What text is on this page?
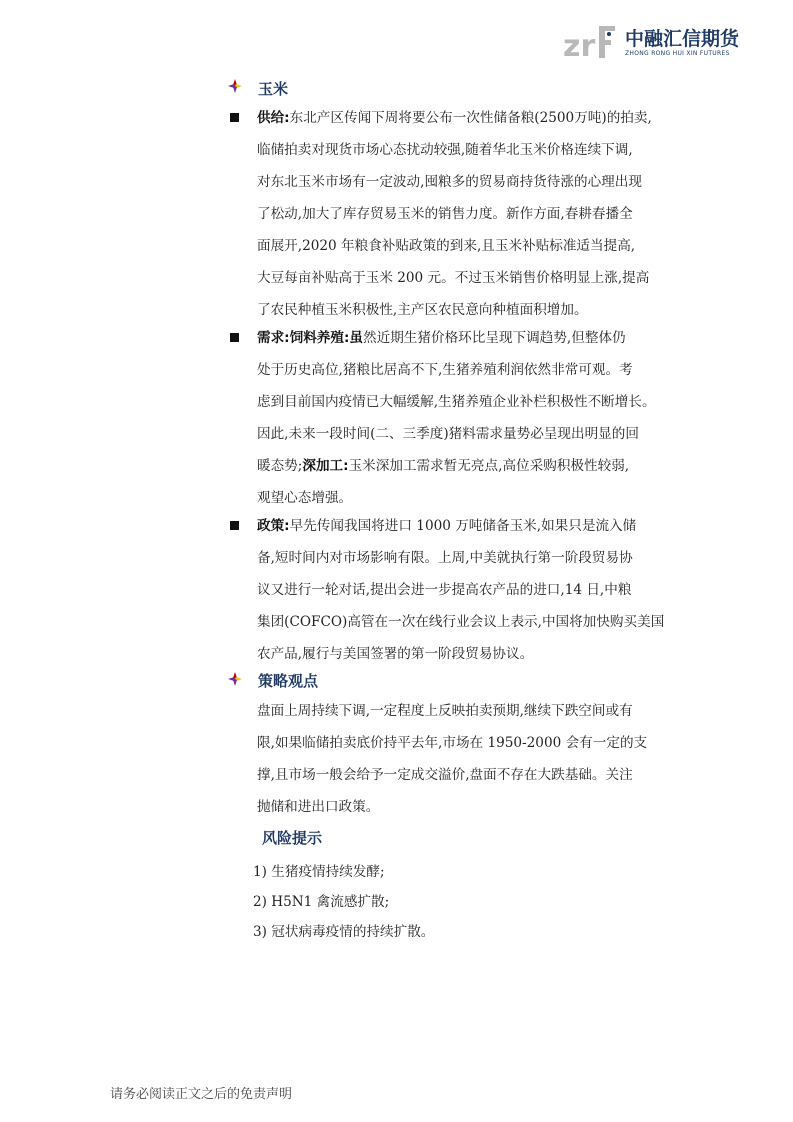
zr 中融汇信期货
ZHONG RONG HUI XIN FUTURES
玉米
供给:东北产区传闻下周将要公布一次性储备粮(2500万吨)的拍卖,
临储拍卖对现货市场心态扰动较强,随着华北玉米价格连续下调,
对东北玉米市场有一定波动,囤粮多的贸易商持货待涨的心理出现
了松动,加大了库存贸易玉米的销售力度。新作方面,春耕春播全
面展开,2020 年粮食补贴政策的到来,且玉米补贴标准适当提高,
大豆每亩补贴高于玉米 200 元。不过玉米销售价格明显上涨,提高
了农民种植玉米积极性,主产区农民意向种植面积增加。
需求:饲料养殖:虽然近期生猪价格环比呈现下调趋势,但整体仍
处于历史高位,猪粮比居高不下,生猪养殖利润依然非常可观。考
虑到目前国内疫情已大幅缓解,生猪养殖企业补栏积极性不断增长。
因此,未来一段时间(二、三季度)猪料需求量势必呈现出明显的回
暖态势;深加工:玉米深加工需求暂无亮点,高位采购积极性较弱,
观望心态增强。
政策:早先传闻我国将进口 1000 万吨储备玉米,如果只是流入储
备,短时间内对市场影响有限。上周,中美就执行第一阶段贸易协
议又进行一轮对话,提出会进一步提高农产品的进口,14 日,中粮
集团(COFCO)高管在一次在线行业会议上表示,中国将加快购买美国
农产品,履行与美国签署的第一阶段贸易协议。
策略观点
盘面上周持续下调,一定程度上反映拍卖预期,继续下跌空间或有
限,如果临储拍卖底价持平去年,市场在 1950-2000 会有一定的支
撑,且市场一般会给予一定成交溢价,盘面不存在大跌基础。关注
抛储和进出口政策。
风险提示
1) 生猪疫情持续发酵;
2) H5N1 禽流感扩散;
3) 冠状病毒疫情的持续扩散。
请务必阅读正文之后的免责声明
